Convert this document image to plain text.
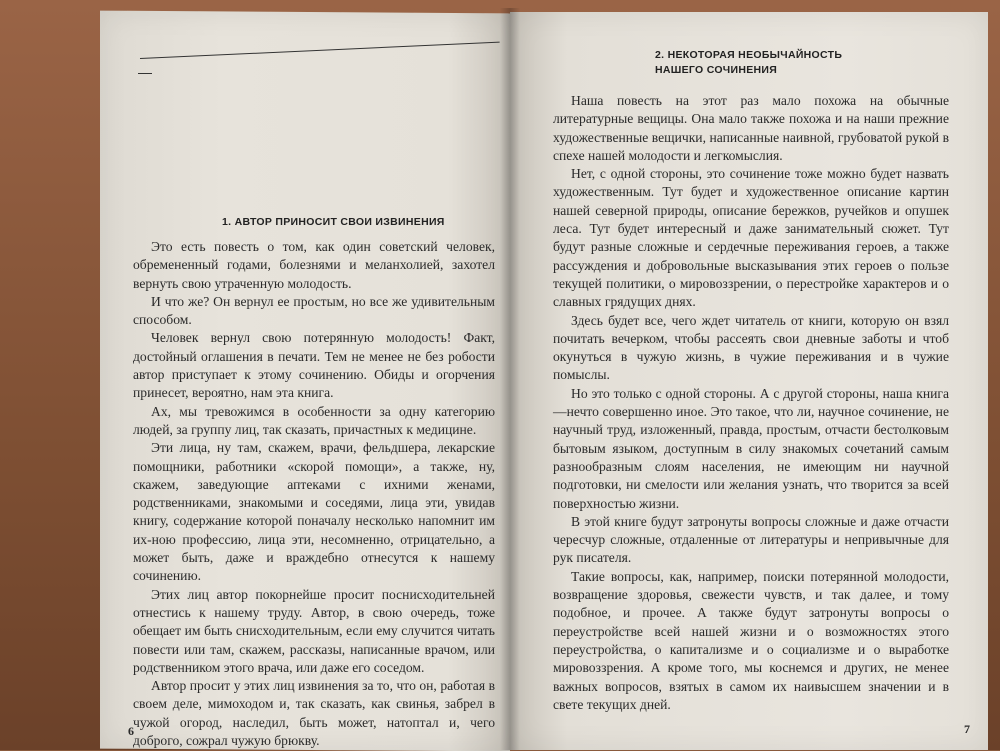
1. АВТОР ПРИНОСИТ СВОИ ИЗВИНЕНИЯ

Это есть повесть о том, как один советский человек, обремененный годами, болезнями и меланхолией, захотел вернуть свою утраченную молодость.

И что же? Он вернул ее простым, но все же удивительным способом.

Человек вернул свою потерянную молодость! Факт, достойный оглашения в печати. Тем не менее не без робости автор приступает к этому сочинению. Обиды и огорчения принесет, вероятно, нам эта книга.

Ах, мы тревожимся в особенности за одну категорию людей, за группу лиц, так сказать, причастных к медицине.

Эти лица, ну там, скажем, врачи, фельдшера, лекарские помощники, работники «скорой помощи», а также, ну, скажем, заведующие аптеками с ихними женами, родственниками, знакомыми и соседями, лица эти, увидав книгу, содержание которой поначалу несколько напомнит им их-ною профессию, лица эти, несомненно, отрицательно, а может быть, даже и враждебно отнесутся к нашему сочинению.

Этих лиц автор покорнейше просит поснисходительней отнестись к нашему труду. Автор, в свою очередь, тоже обещает им быть снисходительным, если ему случится читать повести или там, скажем, рассказы, написанные врачом, или родственником этого врача, или даже его соседом.

Автор просит у этих лиц извинения за то, что он, работая в своем деле, мимоходом и, так сказать, как свинья, забрел в чужой огород, наследил, быть может, натоптал и, чего доброго, сожрал чужую брюкву.

2. НЕКОТОРАЯ НЕОБЫЧАЙНОСТЬ
НАШЕГО СОЧИНЕНИЯ

Наша повесть на этот раз мало похожа на обычные литературные вещицы. Она мало также похожа и на наши прежние художественные вещички, написанные наивной, грубоватой рукой в спехе нашей молодости и легкомыслия.

Нет, с одной стороны, это сочинение тоже можно будет назвать художественным. Тут будет и художественное описание картин нашей северной природы, описание бережков, ручейков и опушек леса. Тут будет интересный и даже занимательный сюжет. Тут будут разные сложные и сердечные переживания героев, а также рассуждения и добровольные высказывания этих героев о пользе текущей политики, о мировоззрении, о перестройке характеров и о славных грядущих днях.

Здесь будет все, чего ждет читатель от книги, которую он взял почитать вечерком, чтобы рассеять свои дневные заботы и чтоб окунуться в чужую жизнь, в чужие переживания и в чужие помыслы.

Но это только с одной стороны. А с другой стороны, наша книга—нечто совершенно иное. Это такое, что ли, научное сочинение, не научный труд, изложенный, правда, простым, отчасти бестолковым бытовым языком, доступным в силу знакомых сочетаний самым разнообразным слоям населения, не имеющим ни научной подготовки, ни смелости или желания узнать, что творится за всей поверхностью жизни.

В этой книге будут затронуты вопросы сложные и даже отчасти чересчур сложные, отдаленные от литературы и непривычные для рук писателя.

Такие вопросы, как, например, поиски потерянной молодости, возвращение здоровья, свежести чувств, и так далее, и тому подобное, и прочее. А также будут затронуты вопросы о переустройстве всей нашей жизни и о возможностях этого переустройства, о капитализме и о социализме и о выработке мировоззрения. А кроме того, мы коснемся и других, не менее важных вопросов, взятых в самом их наивысшем значении и в свете текущих дней.

6	7
